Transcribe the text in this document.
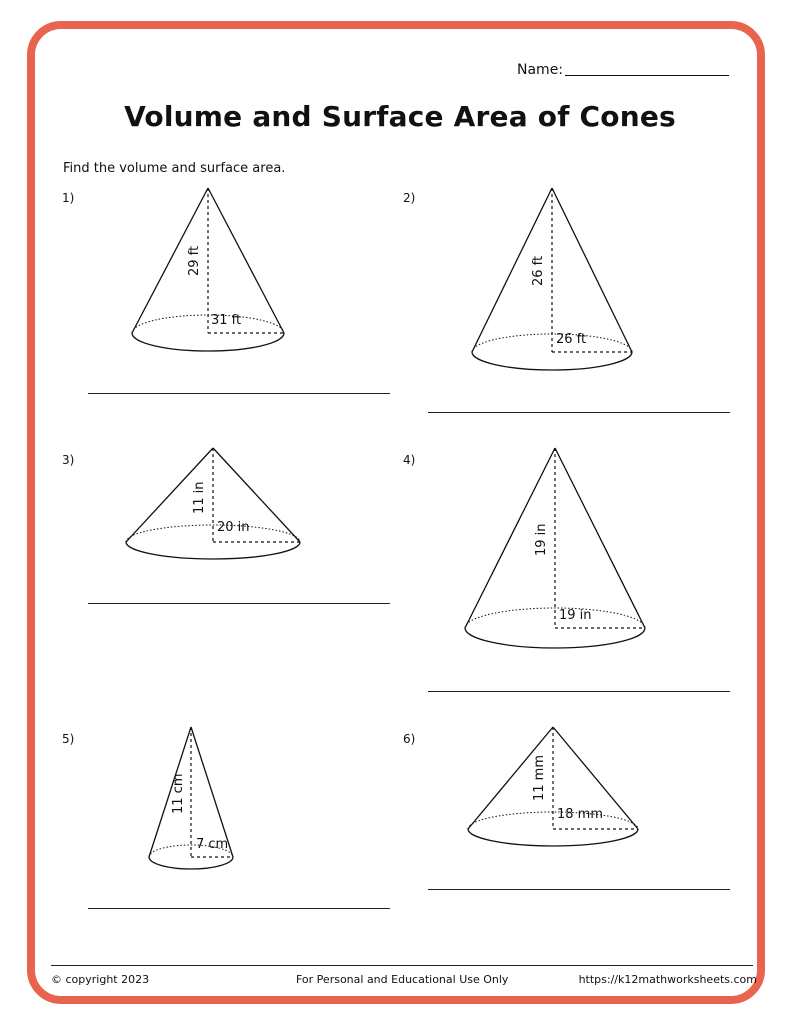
Name:
Volume and Surface Area of Cones
Find the volume and surface area.
1)	2)
3)	4)
5)	6)
29 ft
31 ft
26 ft
26 ft
11 in
20 in	19 in
19 in
11 cm
7 cm
11 mm
18 mm
© copyright 2023	For Personal and Educational Use Only	https://k12mathworksheets.com
